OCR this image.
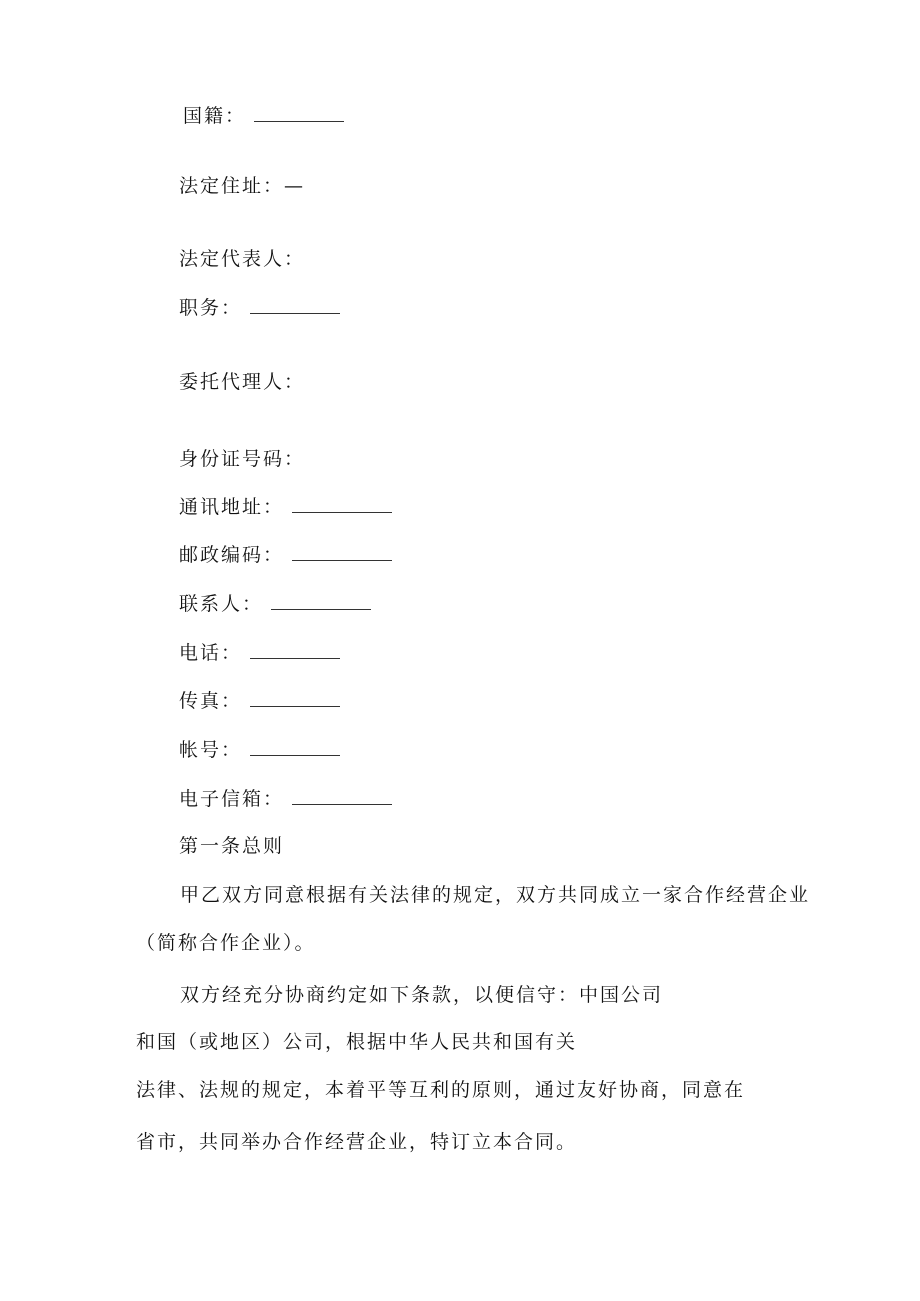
国籍：
法定住址：—
法定代表人：
职务：
委托代理人：
身份证号码：
通讯地址：
邮政编码：
联系人：
电话：
传真：
帐号：
电子信箱：
第一条总则
甲乙双方同意根据有关法律的规定，双方共同成立一家合作经营企业
（简称合作企业）。
双方经充分协商约定如下条款，以便信守：中国公司
和国（或地区）公司，根据中华人民共和国有关
法律、法规的规定，本着平等互利的原则，通过友好协商，同意在
省市，共同举办合作经营企业，特订立本合同。
